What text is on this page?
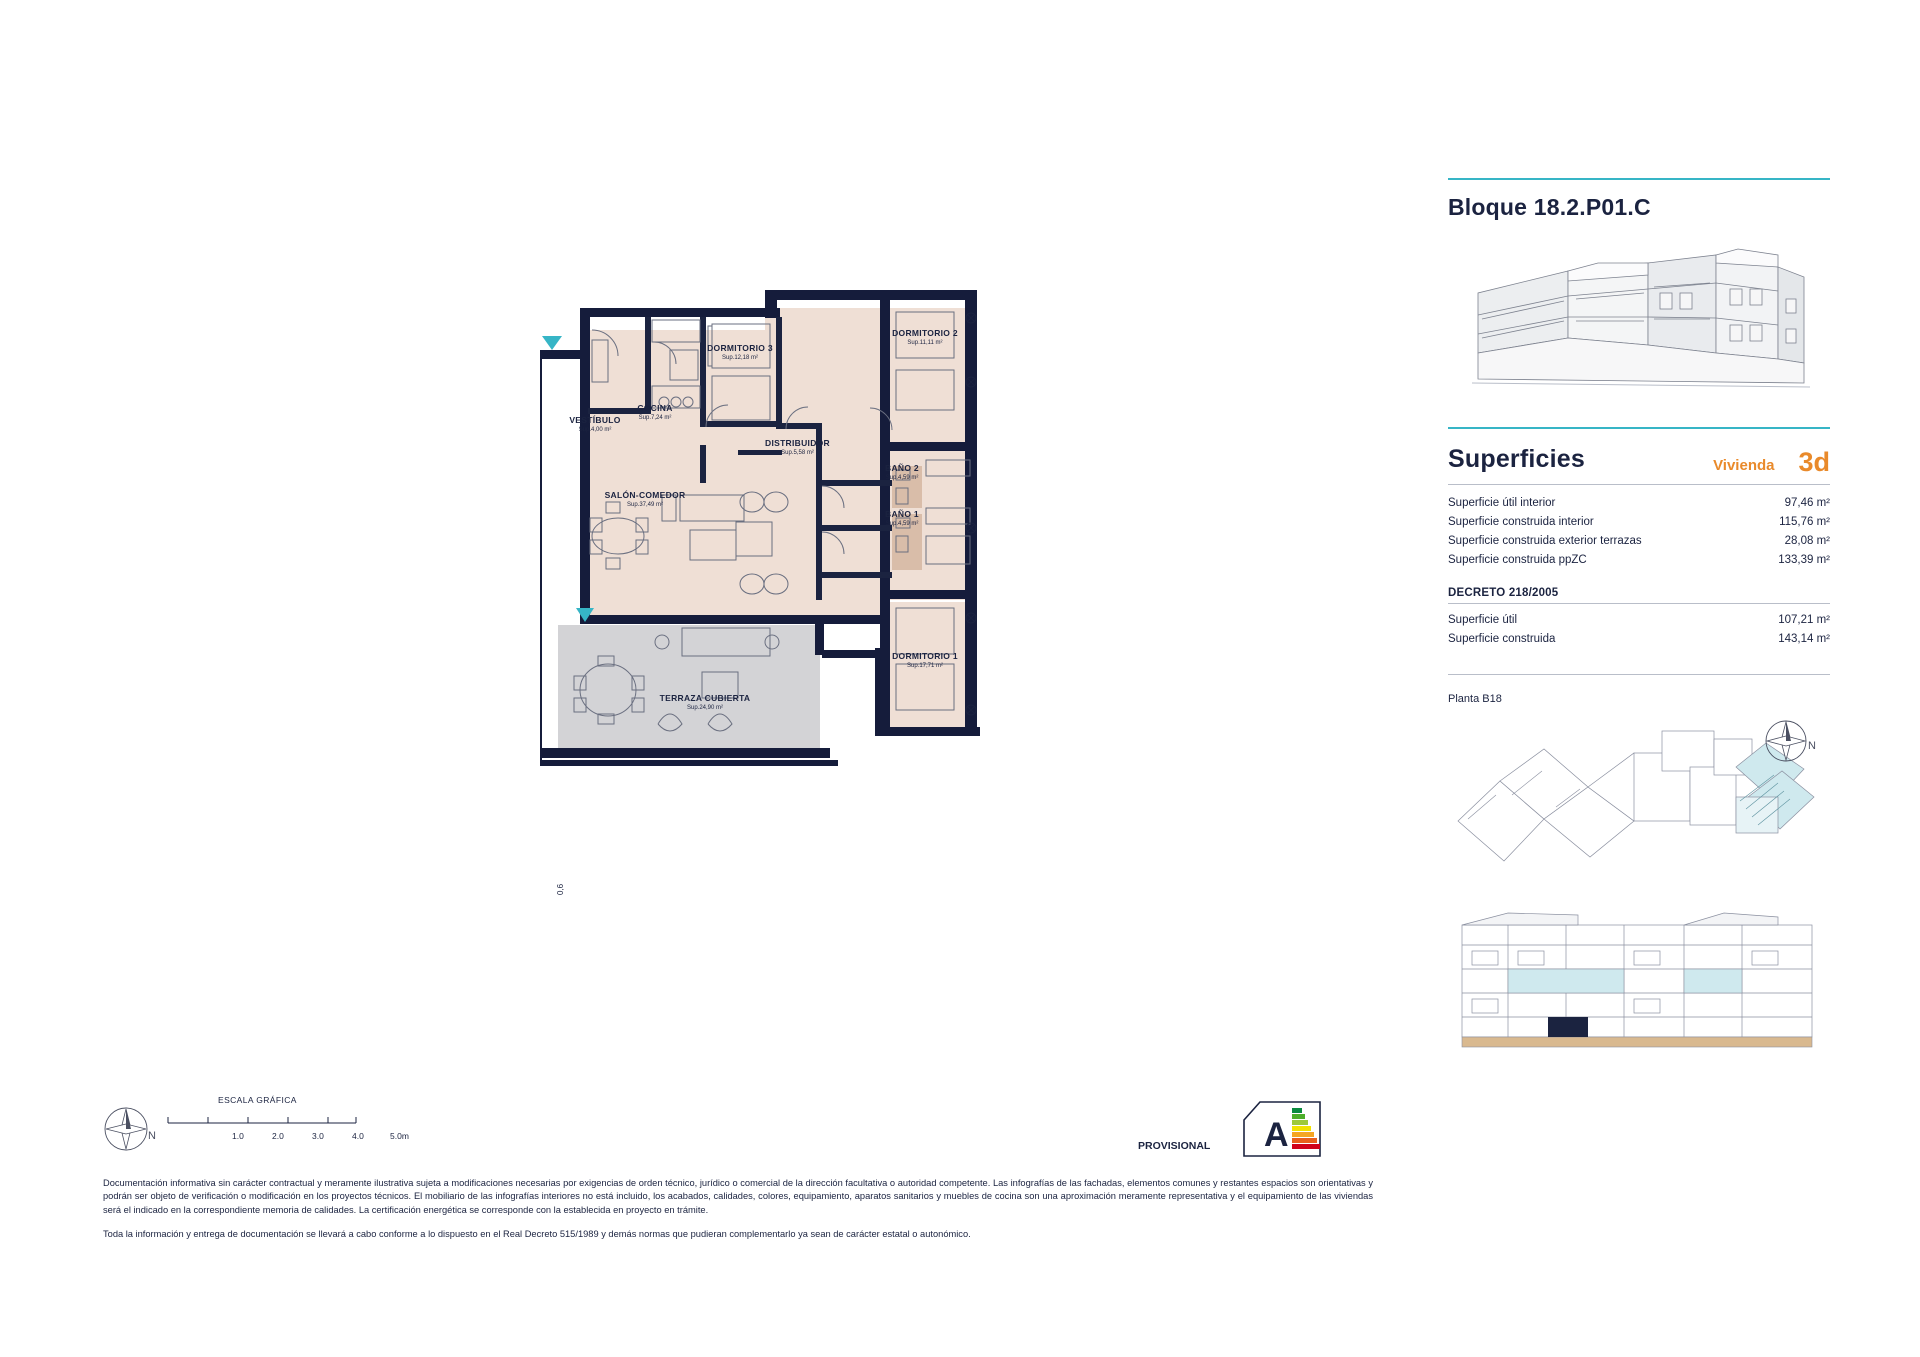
VESTÍBULO
Sup.4,00 m²
COCINA
Sup.7,24 m²
DORMITORIO 3
Sup.12,18 m²
DORMITORIO 2
Sup.11,11 m²
DISTRIBUIDOR
Sup.5,58 m²
BAÑO 2
Sup.4,59 m²
BAÑO 1
Sup.4,59 m²
SALÓN-COMEDOR
Sup.37,49 m²
DORMITORIO 1
Sup.17,71 m²
TERRAZA CUBIERTA
Sup.24,90 m²
0,6
Bloque 18.2.P01.C
Superficies	Vivienda 3d
Superficie útil interior	97,46 m²
Superficie construida interior	115,76 m²
Superficie construida exterior terrazas	28,08 m²
Superficie construida ppZC	133,39 m²
DECRETO 218/2005
Superficie útil	107,21 m²
Superficie construida	143,14 m²
Planta B18
N
ESCALA GRÁFICA
N	1.0	2.0	3.0	4.0	5.0m
PROVISIONAL A

Documentación informativa sin carácter contractual y meramente ilustrativa sujeta a modificaciones necesarias por exigencias de orden técnico, jurídico o comercial de la dirección facultativa o autoridad competente. Las infografías de las fachadas, elementos comunes y restantes espacios son orientativas y podrán ser objeto de verificación o modificación en los proyectos técnicos. El mobiliario de las infografías interiores no está incluido, los acabados, calidades, colores, equipamiento, aparatos sanitarios y muebles de cocina son una aproximación meramente representativa y el equipamiento de las viviendas será el indicado en la correspondiente memoria de calidades. La certificación energética se corresponde con la establecida en proyecto en trámite.

Toda la información y entrega de documentación se llevará a cabo conforme a lo dispuesto en el Real Decreto 515/1989 y demás normas que pudieran complementarlo ya sean de carácter estatal o autonómico.
